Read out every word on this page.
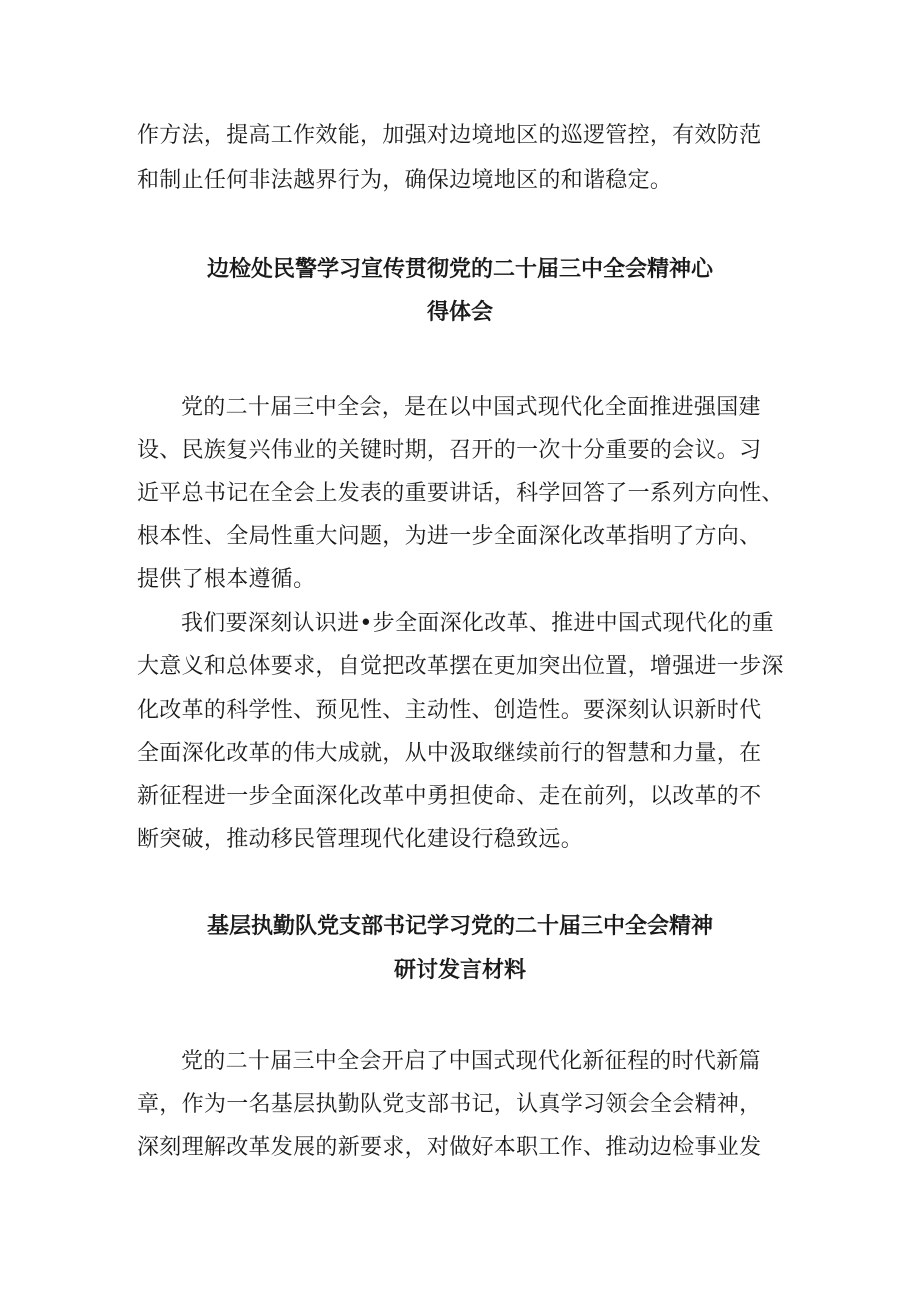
作方法，提高工作效能，加强对边境地区的巡逻管控，有效防范
和制止任何非法越界行为，确保边境地区的和谐稳定。
边检处民警学习宣传贯彻党的二十届三中全会精神心
得体会
党的二十届三中全会，是在以中国式现代化全面推进强国建
设、民族复兴伟业的关键时期，召开的一次十分重要的会议。习
近平总书记在全会上发表的重要讲话，科学回答了一系列方向性、
根本性、全局性重大问题，为进一步全面深化改革指明了方向、
提供了根本遵循。
我们要深刻认识进•步全面深化改革、推进中国式现代化的重
大意义和总体要求，自觉把改革摆在更加突出位置，增强进一步深
化改革的科学性、预见性、主动性、创造性。要深刻认识新时代
全面深化改革的伟大成就，从中汲取继续前行的智慧和力量，在
新征程进一步全面深化改革中勇担使命、走在前列，以改革的不
断突破，推动移民管理现代化建设行稳致远。
基层执勤队党支部书记学习党的二十届三中全会精神
研讨发言材料
党的二十届三中全会开启了中国式现代化新征程的时代新篇
章，作为一名基层执勤队党支部书记，认真学习领会全会精神，
深刻理解改革发展的新要求，对做好本职工作、推动边检事业发
